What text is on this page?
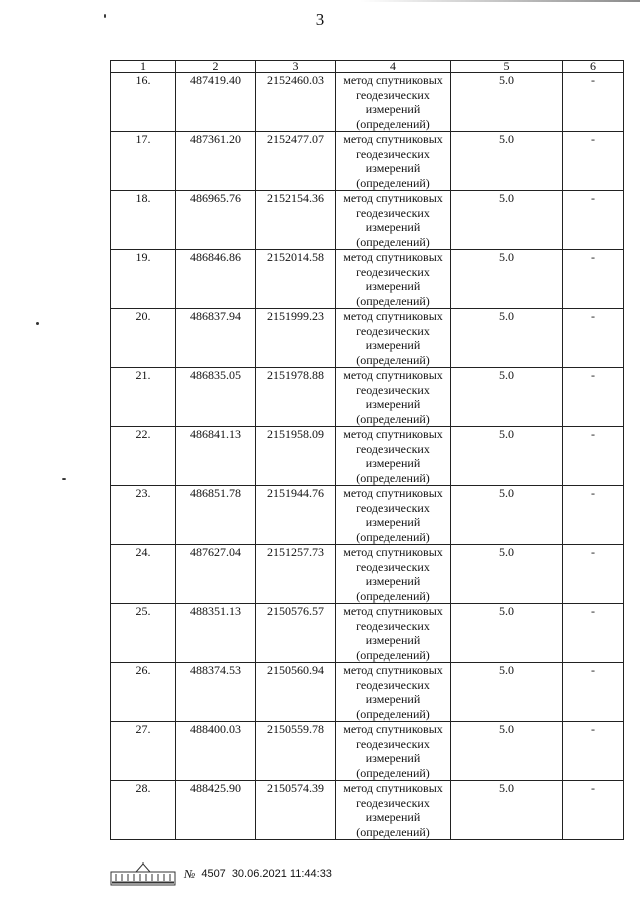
3
1	2	3	4	5	6
16.	487419.40	2152460.03	метод спутниковых
геодезических
измерений
(определений)	5.0	-
17.	487361.20	2152477.07	метод спутниковых
геодезических
измерений
(определений)	5.0	-
18.	486965.76	2152154.36	метод спутниковых
геодезических
измерений
(определений)	5.0	-
19.	486846.86	2152014.58	метод спутниковых
геодезических
измерений
(определений)	5.0	-
20.	486837.94	2151999.23	метод спутниковых
геодезических
измерений
(определений)	5.0	-
21.	486835.05	2151978.88	метод спутниковых
геодезических
измерений
(определений)	5.0	-
22.	486841.13	2151958.09	метод спутниковых
геодезических
измерений
(определений)	5.0	-
23.	486851.78	2151944.76	метод спутниковых
геодезических
измерений
(определений)	5.0	-
24.	487627.04	2151257.73	метод спутниковых
геодезических
измерений
(определений)	5.0	-
25.	488351.13	2150576.57	метод спутниковых
геодезических
измерений
(определений)	5.0	-
26.	488374.53	2150560.94	метод спутниковых
геодезических
измерений
(определений)	5.0	-
27.	488400.03	2150559.78	метод спутниковых
геодезических
измерений
(определений)	5.0	-
28.	488425.90	2150574.39	метод спутниковых
геодезических
измерений
(определений)	5.0	-
№ 4507 30.06.2021 11:44:33
